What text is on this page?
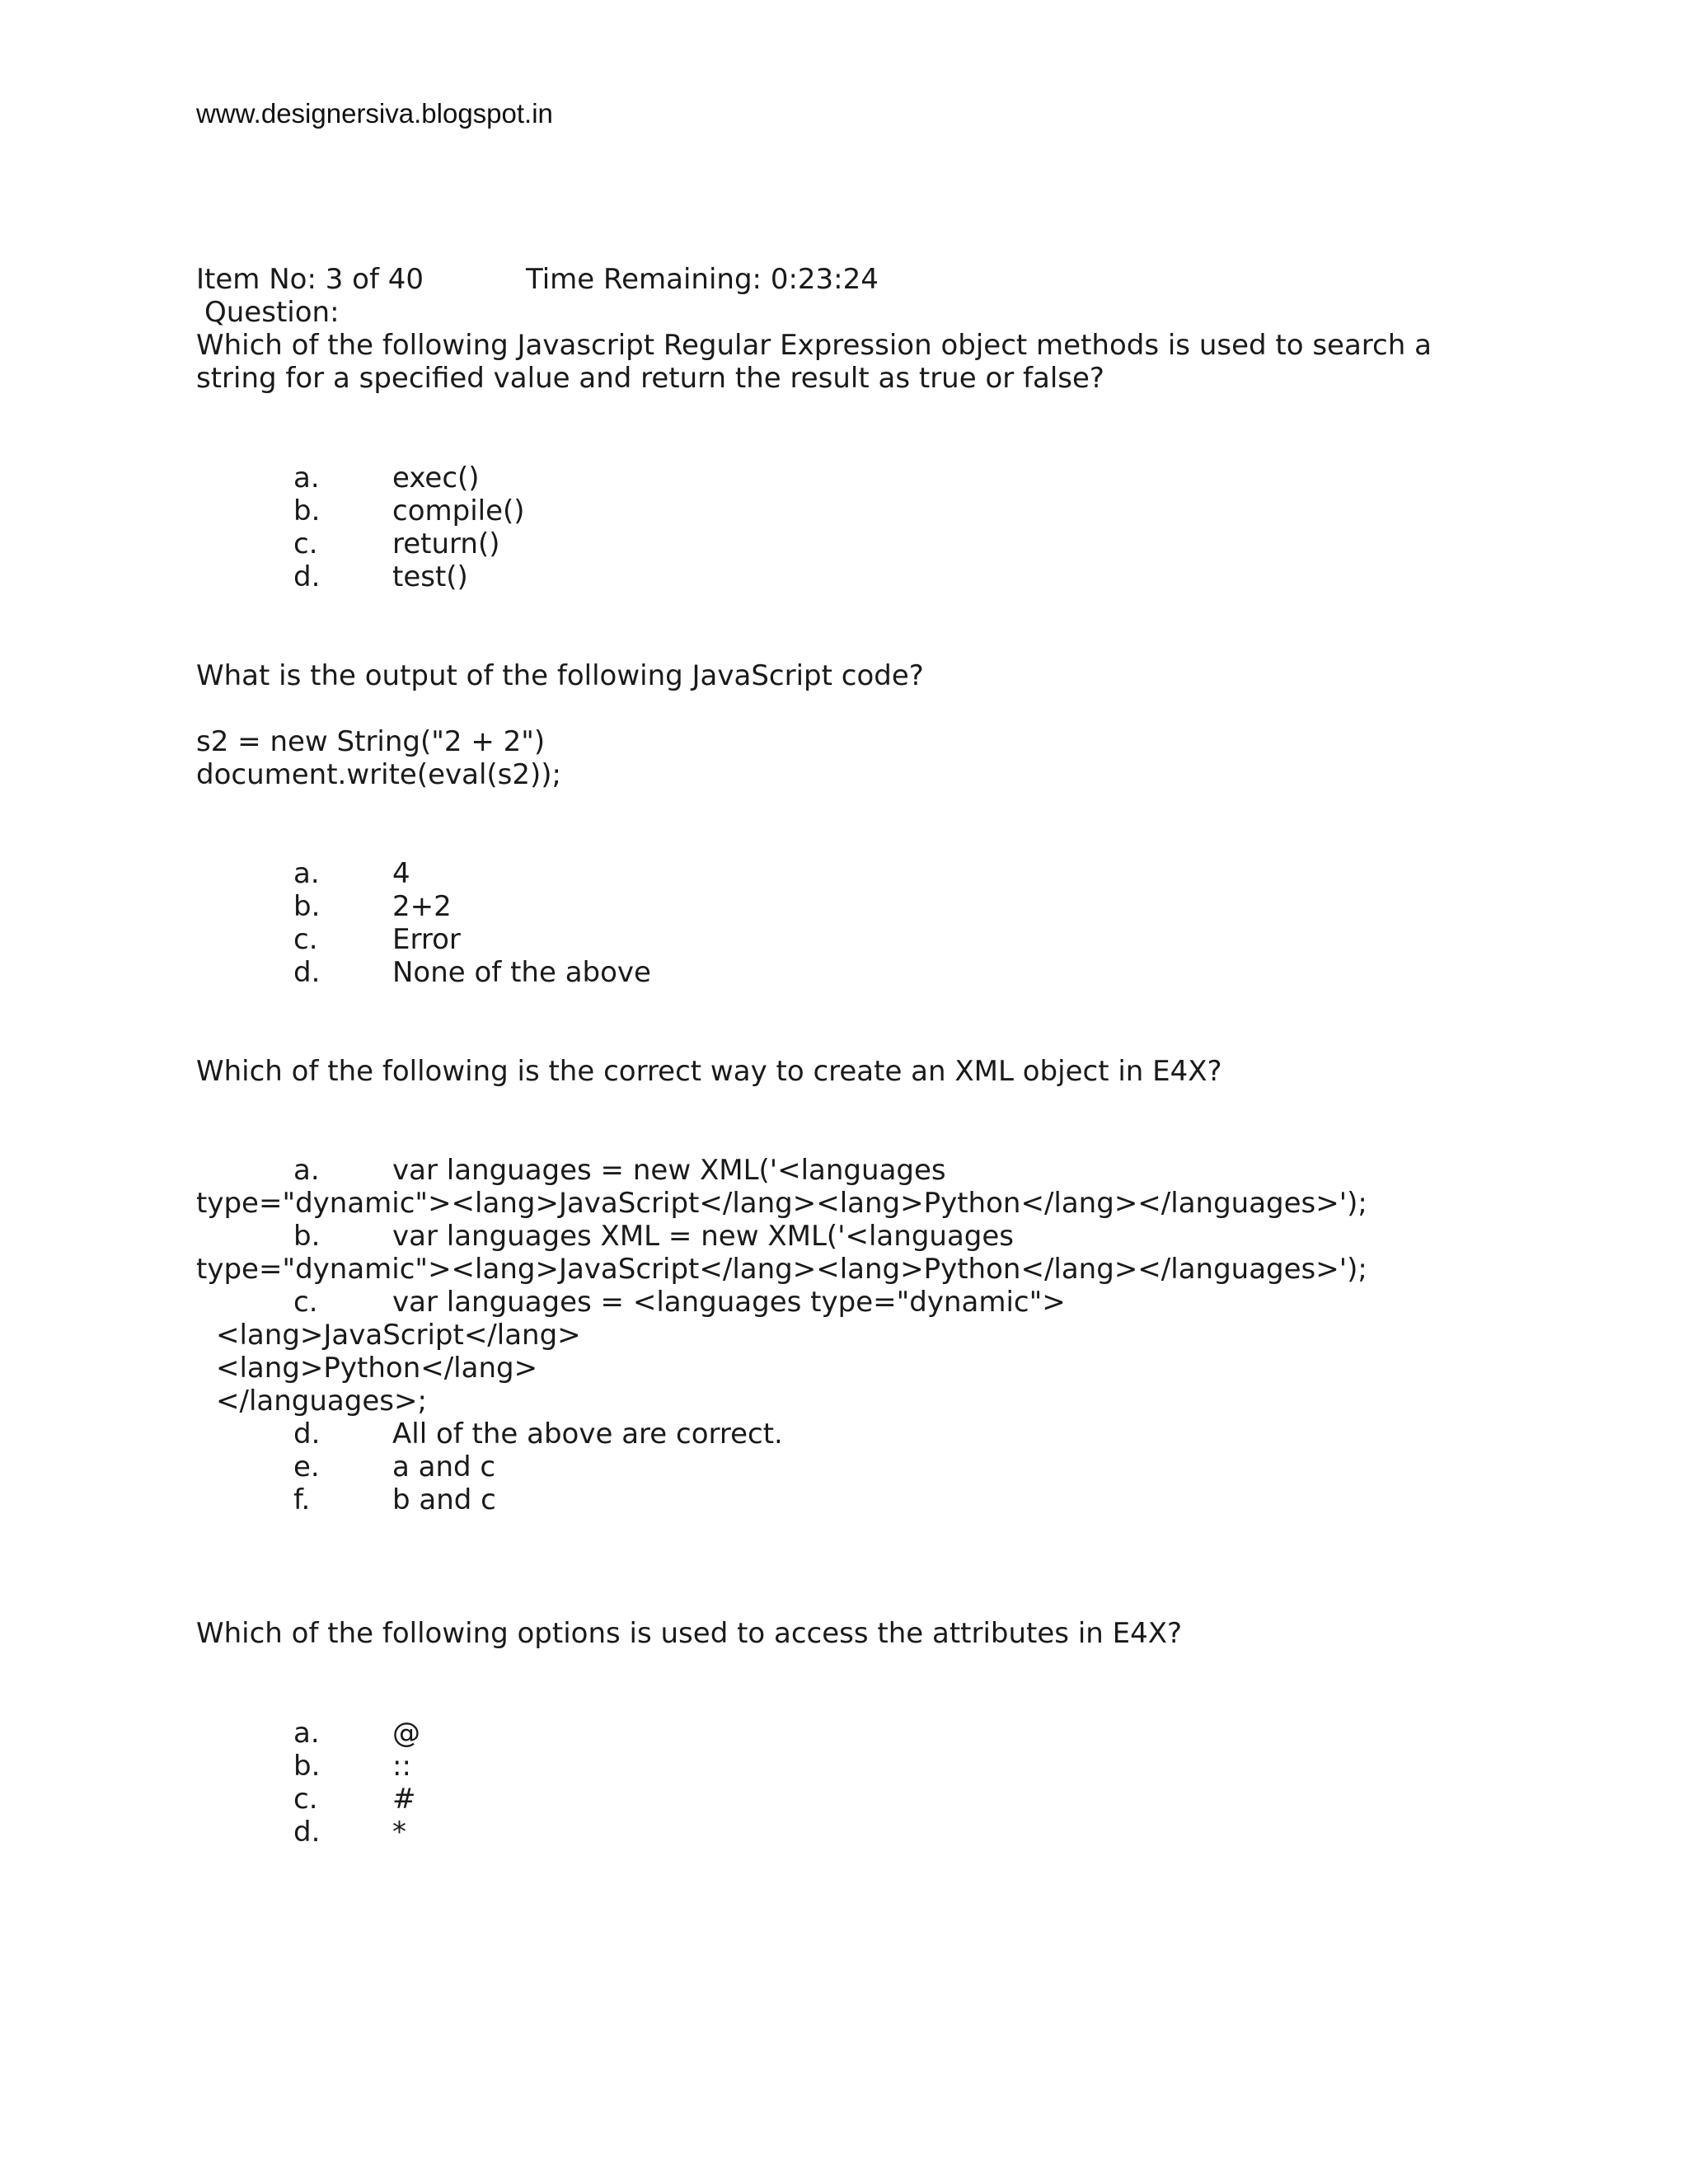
www.designersiva.blogspot.in
Item No: 3 of 40	Time Remaining: 0:23:24
Question:
Which of the following Javascript Regular Expression object methods is used to search a
string for a specified value and return the result as true or false?
a.	exec()
b.	compile()
c.	return()
d.	test()
What is the output of the following JavaScript code?
s2 = new String("2 + 2")
document.write(eval(s2));
a.	4
b.	2+2
c.	Error
d.	None of the above
Which of the following is the correct way to create an XML object in E4X?
a.	var languages = new XML('<languages
type="dynamic"><lang>JavaScript</lang><lang>Python</lang></languages>');
b.	var languages XML = new XML('<languages
type="dynamic"><lang>JavaScript</lang><lang>Python</lang></languages>');
c.	var languages = <languages type="dynamic">
<lang>JavaScript</lang>
<lang>Python</lang>
</languages>;
d.	All of the above are correct.
e.	a and c
f.	b and c
Which of the following options is used to access the attributes in E4X?
a.	@
b.	::
c.	#
d.	*
